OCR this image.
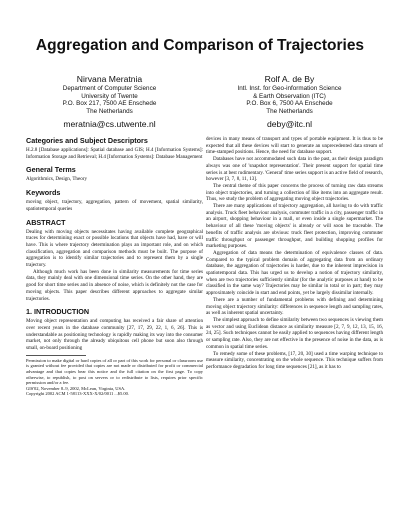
Aggregation and Comparison of Trajectories
Nirvana Meratnia
Department of Computer Science
University of Twente
P.O. Box 217, 7500 AE Enschede
The Netherlands
meratnia@cs.utwente.nl
Rolf A. de By
Intl. Inst. for Geo-information Science
& Earth Observation (ITC)
P.O. Box 6, 7500 AA Enschede
The Netherlands
deby@itc.nl
Categories and Subject Descriptors

H.2.8 [Database applications]: Spatial database and GIS; H.4 [Information Systems]: Information Storage and Retrieval; H.4 [Information Systems]: Database Management

General Terms

Algorithmics, Design, Theory

Keywords

moving object, trajectory, aggregation, pattern of movement, spatial similarity, spatiotemporal queries

ABSTRACT

Dealing with moving objects necessitates having available complete geographical traces for determining exact or possible locations that objects have had, have or will have. This is where trajectory determination plays an important role, and on which classification, aggregation and comparison methods must be built. The purpose of aggregation is to identify similar trajectories and to represent them by a single trajectory.

Although much work has been done in similarity measurements for time series data, they mainly deal with one dimensional time series. On the other hand, they are good for short time series and in absence of noise, which is definitely not the case for moving objects. This paper describes different approaches to aggregate similar trajectories.

1. INTRODUCTION

Moving object representation and computing has received a fair share of attention over recent years in the database community [27, 17, 29, 22, 1, 6, 26]. This is understandable as positioning technology is rapidly making its way into the consumer market, not only through the already ubiquitous cell phone but soon also through small, on-board positioning

Permission to make digital or hard copies of all or part of this work for personal or classroom use is granted without fee provided that copies are not made or distributed for profit or commercial advantage and that copies bear this notice and the full citation on the first page. To copy otherwise, to republish, to post on servers or to redistribute to lists, requires prior specific permission and/or a fee.

GIS'02, November 8–9, 2002, McLean, Virginia, USA.

Copyright 2002 ACM 1-58113-XXX-X/02/0011 ...$5.00.

devices in many means of transport and types of portable equipment. It is thus to be expected that all these devices will start to generate an unprecedented data stream of time-stamped positions. Hence, the need for database support.

Databases have not accommodated such data in the past, as their design paradigm always was one of 'snapshot representation'. Their present support for spatial time series is at best rudimentary. 'General' time series support is an active field of research, however [3, 7, 8, 11, 13].

The central theme of this paper concerns the process of turning raw data streams into object trajectories, and turning a collection of like items into an aggregate result. Thus, we study the problem of aggregating moving object trajectories.

There are many applications of trajectory aggregation, all having to do with traffic analysis. Truck fleet behaviour analysis, commuter traffic in a city, passenger traffic in an airport, shopping behaviour in a mall, or even inside a single supermarket. The behaviour of all these 'moving objects' is already or will soon be traceable. The benefits of traffic analysis are obvious: truck fleet protection, improving commuter traffic throughput or passenger throughput, and building shopping profiles for marketing purposes.

Aggregation of data means the determination of equivalence classes of data. Compared to the typical problem domain of aggregating data from an ordinary database, the aggregation of trajectories is harder, due to the inherent imprecision in spatiotemporal data. This has urged us to develop a notion of trajectory similarity, when are two trajectories sufficiently similar (for the analytic purposes at hand) to be classified in the same way? Trajectories may be similar in total or in part; they may approximately coincide in start and end points, yet be largely dissimilar internally.

There are a number of fundamental problems with defining and determining moving object trajectory similarity: differences in sequence length and sampling rates, as well as inherent spatial uncertainty.

The simplest approach to define similarity between two sequences is viewing them as vector and using Euclidean distance as similarity measure [2, 7, 9, 12, 13, 15, 16, 24, 25]. Such techniques cannot be easily applied to sequences having different length or sampling rate. Also, they are not effective in the presence of noise in the data, as is common in spatial time series.

To remedy some of these problems, [17, 20, 30] used a time warping technique to measure similarity, concentrating on the whole sequence. This technique suffers from performance degradation for long time sequences [21], as it has to
